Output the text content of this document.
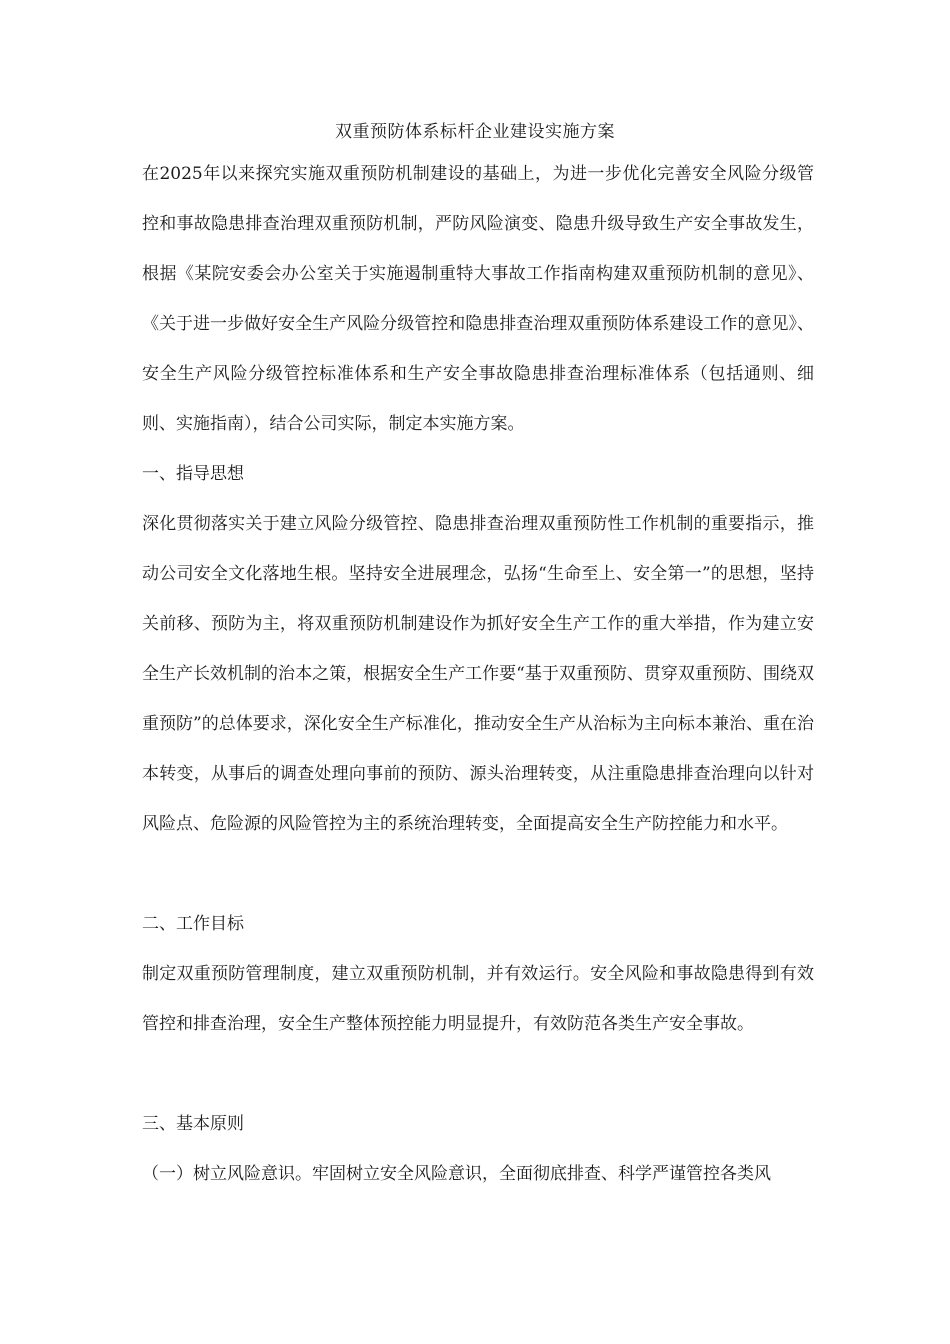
双重预防体系标杆企业建设实施方案
在2025年以来探究实施双重预防机制建设的基础上，为进一步优化完善安全风险分级管控和事故隐患排查治理双重预防机制，严防风险演变、隐患升级导致生产安全事故发生，根据《某院安委会办公室关于实施遏制重特大事故工作指南构建双重预防机制的意见》、《关于进一步做好安全生产风险分级管控和隐患排查治理双重预防体系建设工作的意见》、安全生产风险分级管控标准体系和生产安全事故隐患排查治理标准体系（包括通则、细则、实施指南），结合公司实际，制定本实施方案。
一、指导思想
深化贯彻落实关于建立风险分级管控、隐患排查治理双重预防性工作机制的重要指示，推动公司安全文化落地生根。坚持安全进展理念，弘扬“生命至上、安全第一”的思想，坚持关前移、预防为主，将双重预防机制建设作为抓好安全生产工作的重大举措，作为建立安全生产长效机制的治本之策，根据安全生产工作要“基于双重预防、贯穿双重预防、围绕双重预防”的总体要求，深化安全生产标准化，推动安全生产从治标为主向标本兼治、重在治本转变，从事后的调查处理向事前的预防、源头治理转变，从注重隐患排查治理向以针对风险点、危险源的风险管控为主的系统治理转变，全面提高安全生产防控能力和水平。
二、工作目标
制定双重预防管理制度，建立双重预防机制，并有效运行。安全风险和事故隐患得到有效管控和排查治理，安全生产整体预控能力明显提升，有效防范各类生产安全事故。
三、基本原则
（一）树立风险意识。牢固树立安全风险意识，全面彻底排查、科学严谨管控各类风
